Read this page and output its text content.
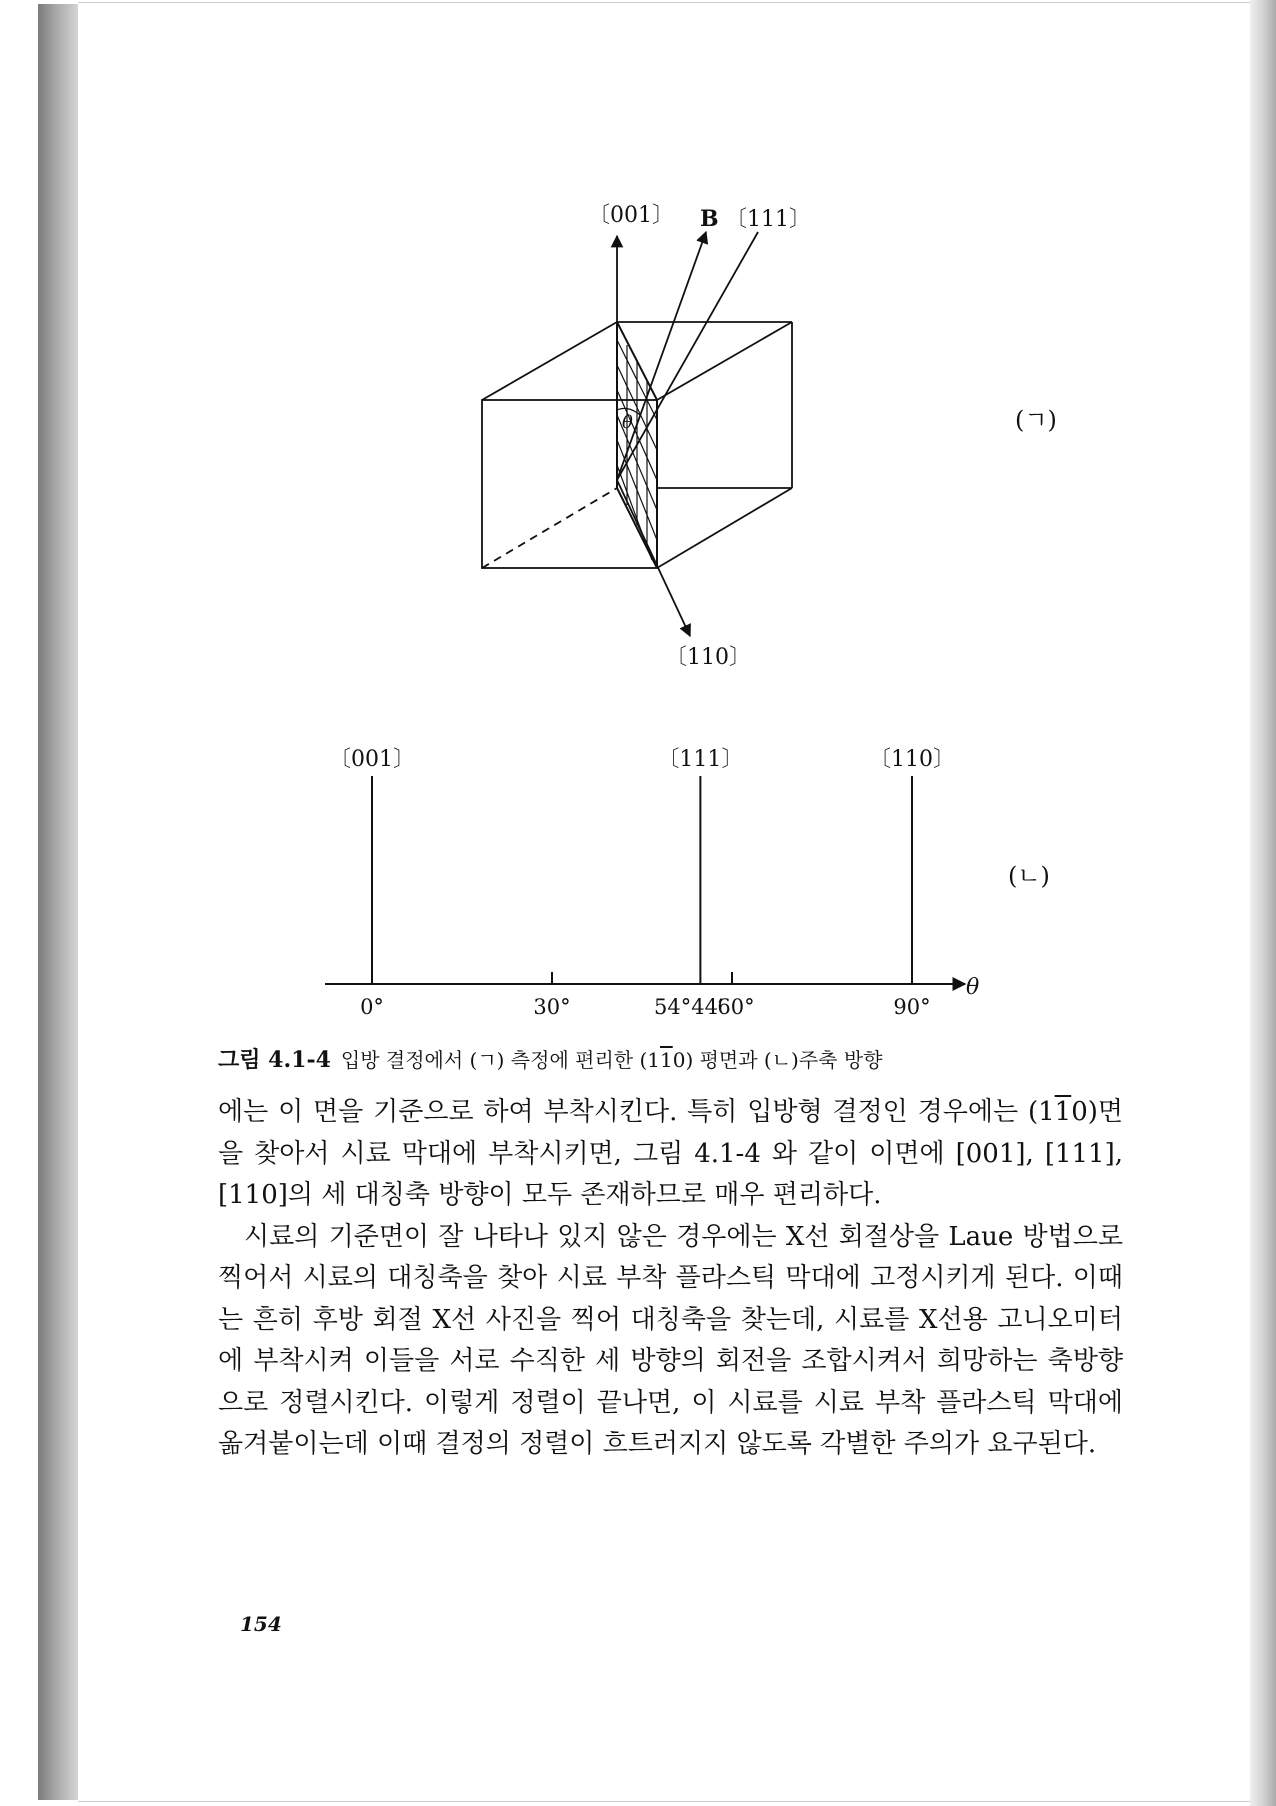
〔001〕 B 〔111〕
〔110〕
θ	(ㄱ)
θ
〔001〕	〔111〕	〔110〕
0°	30°	54°44′
60°	90°
(ㄴ)
그림 4.1-4 입방 결정에서 (ㄱ) 측정에 편리한 (110) 평면과 (ㄴ)주축 방향

에는 이 면을 기준으로 하여 부착시킨다. 특히 입방형 결정인 경우에는 (110)면을 찾아서 시료 막대에 부착시키면, 그림 4.1-4 와 같이 이면에 [001], [111], [110]의 세 대칭축 방향이 모두 존재하므로 매우 편리하다.

시료의 기준면이 잘 나타나 있지 않은 경우에는 X선 회절상을 Laue 방법으로 찍어서 시료의 대칭축을 찾아 시료 부착 플라스틱 막대에 고정시키게 된다. 이때는 흔히 후방 회절 X선 사진을 찍어 대칭축을 찾는데, 시료를 X선용 고니오미터에 부착시켜 이들을 서로 수직한 세 방향의 회전을 조합시켜서 희망하는 축방향으로 정렬시킨다. 이렇게 정렬이 끝나면, 이 시료를 시료 부착 플라스틱 막대에 옮겨붙이는데 이때 결정의 정렬이 흐트러지지 않도록 각별한 주의가 요구된다.

154
